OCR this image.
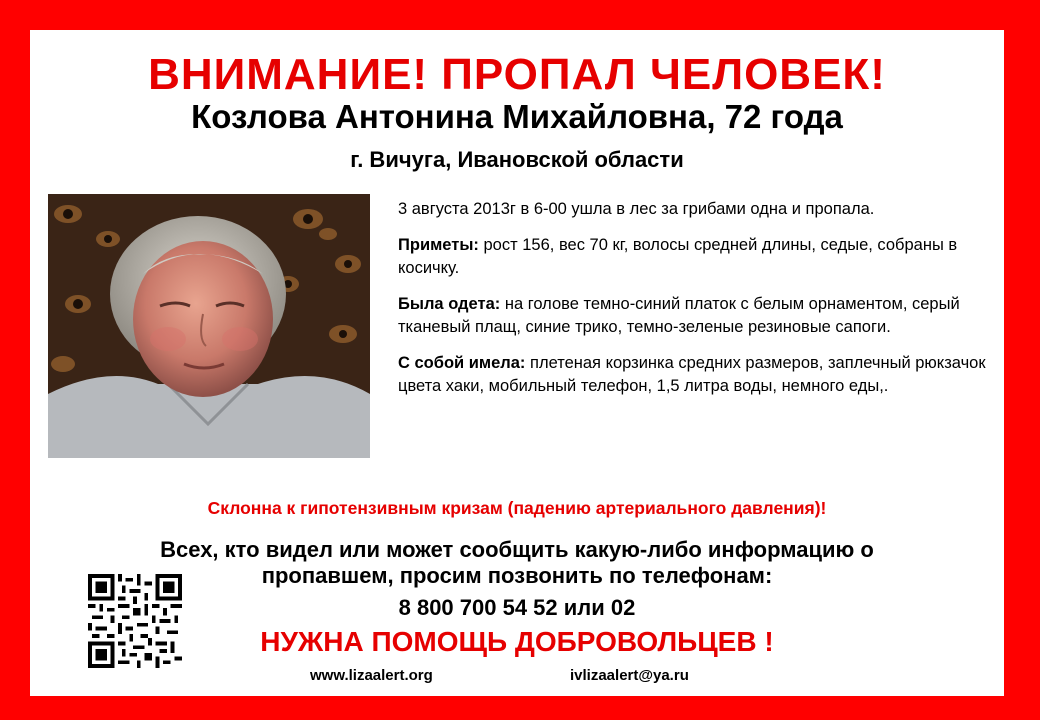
ВНИМАНИЕ! ПРОПАЛ ЧЕЛОВЕК!
Козлова Антонина Михайловна, 72 года
г. Вичуга, Ивановской области

3 августа 2013г в 6-00 ушла в лес за грибами одна и пропала.

Приметы: рост 156, вес 70 кг, волосы средней длины, седые, собраны в косичку.

Была одета: на голове темно-синий платок с белым орнаментом, серый тканевый плащ, синие трико, темно-зеленые резиновые сапоги.

С собой имела: плетеная корзинка средних размеров, заплечный рюкзачок цвета хаки, мобильный телефон, 1,5 литра воды, немного еды,.

Склонна к гипотензивным кризам (падению артериального давления)!
Всех, кто видел или может сообщить какую-либо информацию о
пропавшем, просим позвонить по телефонам:
8 800 700 54 52 или 02
НУЖНА ПОМОЩЬ ДОБРОВОЛЬЦЕВ !
www.lizaalert.org	ivlizaalert@ya.ru
